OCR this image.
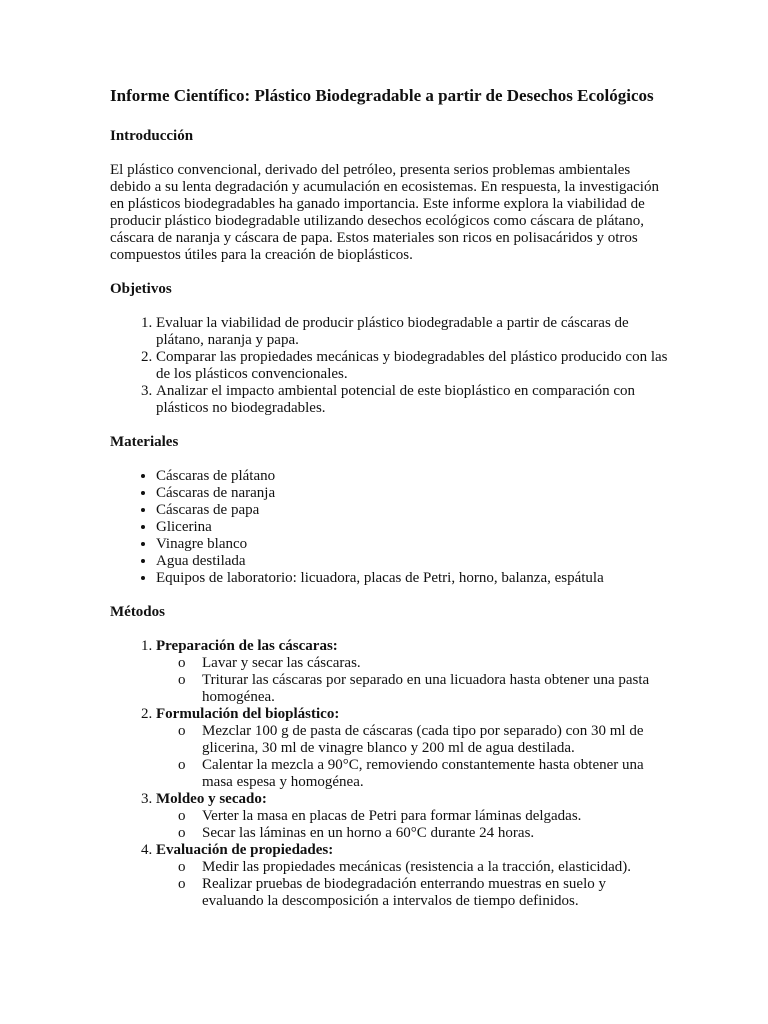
Informe Científico: Plástico Biodegradable a partir de Desechos Ecológicos
Introducción

El plástico convencional, derivado del petróleo, presenta serios problemas ambientales debido a su lenta degradación y acumulación en ecosistemas. En respuesta, la investigación en plásticos biodegradables ha ganado importancia. Este informe explora la viabilidad de producir plástico biodegradable utilizando desechos ecológicos como cáscara de plátano, cáscara de naranja y cáscara de papa. Estos materiales son ricos en polisacáridos y otros compuestos útiles para la creación de bioplásticos.

Objetivos
1. Evaluar la viabilidad de producir plástico biodegradable a partir de cáscaras de plátano, naranja y papa.
2. Comparar las propiedades mecánicas y biodegradables del plástico producido con las de los plásticos convencionales.
3. Analizar el impacto ambiental potencial de este bioplástico en comparación con plásticos no biodegradables.
Materiales
• Cáscaras de plátano
• Cáscaras de naranja
• Cáscaras de papa
• Glicerina
• Vinagre blanco
• Agua destilada
• Equipos de laboratorio: licuadora, placas de Petri, horno, balanza, espátula
Métodos
1. Preparación de las cáscaras:
o Lavar y secar las cáscaras.
o Triturar las cáscaras por separado en una licuadora hasta obtener una pasta homogénea.
2. Formulación del bioplástico:
o Mezclar 100 g de pasta de cáscaras (cada tipo por separado) con 30 ml de glicerina, 30 ml de vinagre blanco y 200 ml de agua destilada.
o Calentar la mezcla a 90°C, removiendo constantemente hasta obtener una masa espesa y homogénea.
3. Moldeo y secado:
o Verter la masa en placas de Petri para formar láminas delgadas.
o Secar las láminas en un horno a 60°C durante 24 horas.
4. Evaluación de propiedades:
o Medir las propiedades mecánicas (resistencia a la tracción, elasticidad).
o Realizar pruebas de biodegradación enterrando muestras en suelo y evaluando la descomposición a intervalos de tiempo definidos.
